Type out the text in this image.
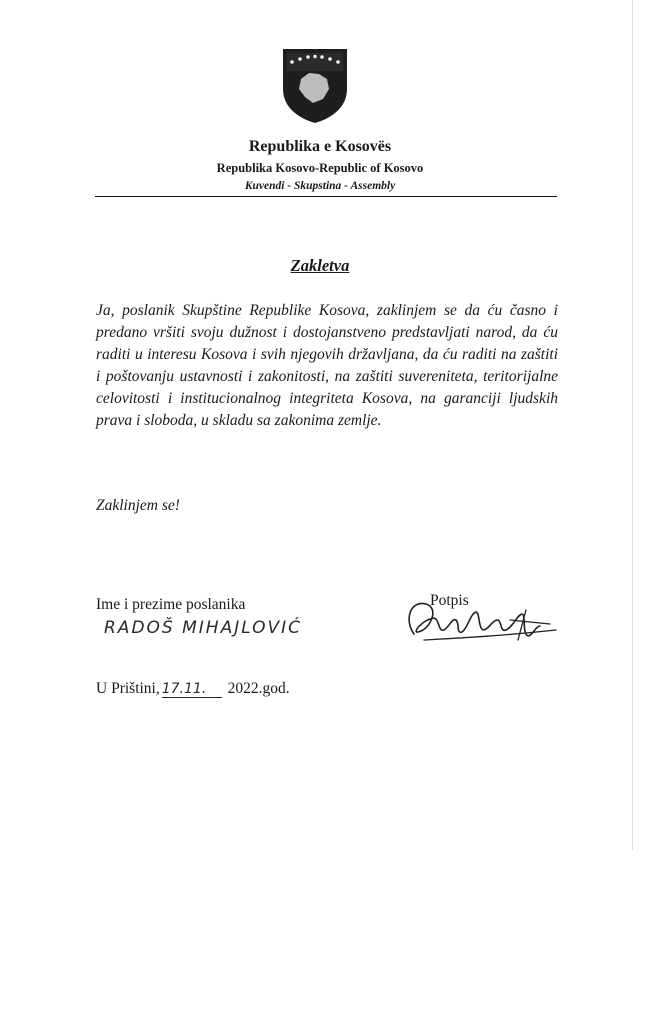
Republika e Kosovës
Republika Kosovo-Republic of Kosovo
Kuvendi - Skupstina - Assembly
Zakletva

Ja, poslanik Skupštine Republike Kosova, zaklinjem se da ću časno i predano vršiti svoju dužnost i dostojanstveno predstavljati narod, da ću raditi u interesu Kosova i svih njegovih državljana, da ću raditi na zaštiti i poštovanju ustavnosti i zakonitosti, na zaštiti suvereniteta, teritorijalne celovitosti i institucionalnog integriteta Kosova, na garanciji ljudskih prava i sloboda, u skladu sa zakonima zemlje.

Zaklinjem se!
Ime i prezime poslanika	Potpis
RADOŠ MIHAJLOVIĆ
U Prištini, 17.11. 2022.god.
